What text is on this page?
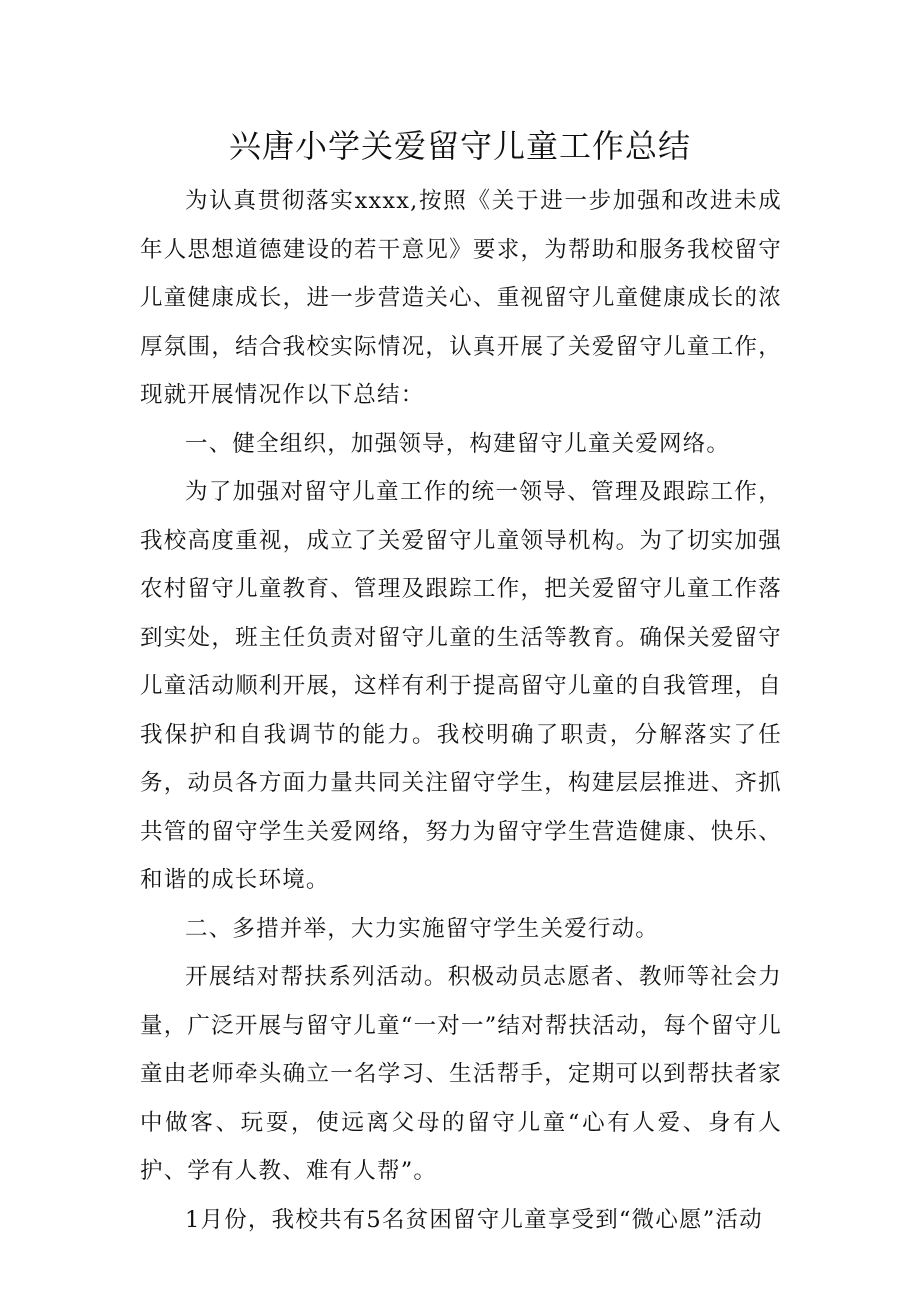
兴唐小学关爱留守儿童工作总结

为认真贯彻落实xxxx,按照《关于进一步加强和改进未成年人思想道德建设的若干意见》要求，为帮助和服务我校留守儿童健康成长，进一步营造关心、重视留守儿童健康成长的浓厚氛围，结合我校实际情况，认真开展了关爱留守儿童工作，现就开展情况作以下总结：

一、健全组织，加强领导，构建留守儿童关爱网络。

为了加强对留守儿童工作的统一领导、管理及跟踪工作，我校高度重视，成立了关爱留守儿童领导机构。为了切实加强农村留守儿童教育、管理及跟踪工作，把关爱留守儿童工作落到实处，班主任负责对留守儿童的生活等教育。确保关爱留守儿童活动顺利开展，这样有利于提高留守儿童的自我管理，自我保护和自我调节的能力。我校明确了职责，分解落实了任务，动员各方面力量共同关注留守学生，构建层层推进、齐抓共管的留守学生关爱网络，努力为留守学生营造健康、快乐、和谐的成长环境。

二、多措并举，大力实施留守学生关爱行动。

开展结对帮扶系列活动。积极动员志愿者、教师等社会力量，广泛开展与留守儿童“一对一”结对帮扶活动，每个留守儿童由老师牵头确立一名学习、生活帮手，定期可以到帮扶者家中做客、玩耍，使远离父母的留守儿童“心有人爱、身有人护、学有人教、难有人帮”。

1月份，我校共有5名贫困留守儿童享受到“微心愿”活动
